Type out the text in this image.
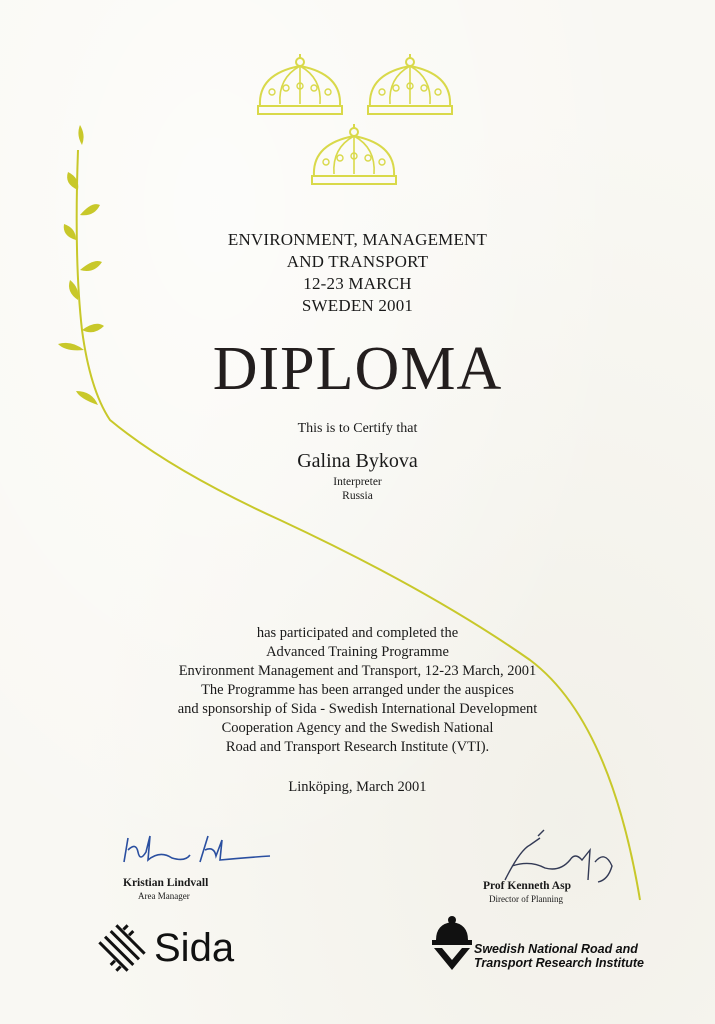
ENVIRONMENT, MANAGEMENT
AND TRANSPORT
12-23 MARCH
SWEDEN 2001
DIPLOMA
This is to Certify that
Galina Bykova
Interpreter
Russia
has participated and completed the
Advanced Training Programme
Environment Management and Transport, 12-23 March, 2001
The Programme has been arranged under the auspices
and sponsorship of Sida - Swedish International Development
Cooperation Agency and the Swedish National
Road and Transport Research Institute (VTI).
Linköping, March 2001
Kristian Lindvall
Area Manager
Prof Kenneth Asp
Director of Planning
Sida	Swedish National Road and
Transport Research Institute
